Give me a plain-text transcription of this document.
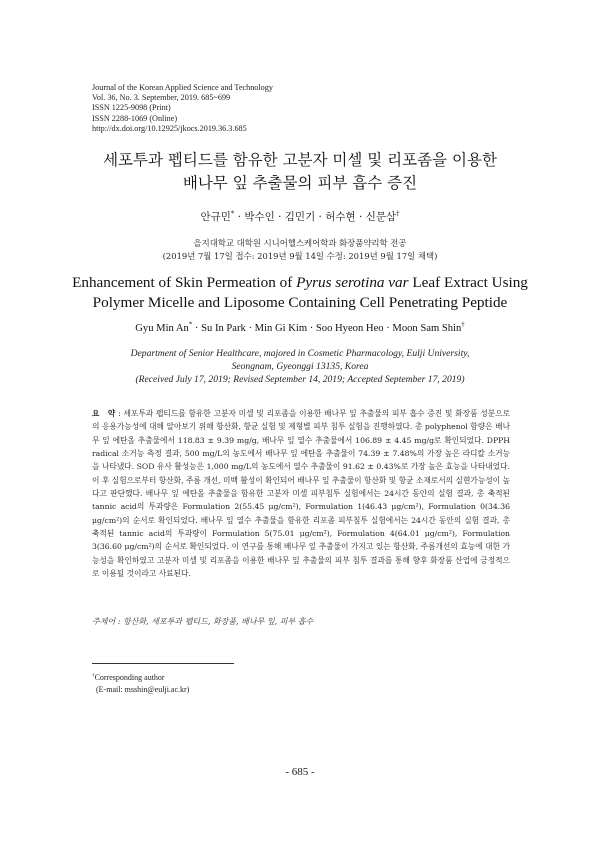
Journal of the Korean Applied Science and Technology
Vol. 36, No. 3. September, 2019. 685~699
ISSN 1225-9098 (Print)
ISSN 2288-1069 (Online)
http://dx.doi.org/10.12925/jkocs.2019.36.3.685
세포투과 펩티드를 함유한 고분자 미셀 및 리포좀을 이용한
배나무 잎 추출물의 피부 흡수 증진
안규민* · 박수인 · 김민기 · 허수현 · 신문삼†
을지대학교 대학원 시니어헬스케어학과 화장품약리학 전공
(2019년 7월 17일 접수: 2019년 9월 14일 수정: 2019년 9월 17일 채택)
Enhancement of Skin Permeation of Pyrus serotina var Leaf Extract Using
Polymer Micelle and Liposome Containing Cell Penetrating Peptide
Gyu Min An* · Su In Park · Min Gi Kim · Soo Hyeon Heo · Moon Sam Shin†
Department of Senior Healthcare, majored in Cosmetic Pharmacology, Eulji University,
Seongnam, Gyeonggi 13135, Korea
(Received July 17, 2019; Revised September 14, 2019; Accepted September 17, 2019)
요　약 : 세포투과 펩티드를 함유한 고분자 미셀 및 리포좀을 이용한 배나무 잎 추출물의 피부 흡수 증진 및 화장품 성분으로의 응용가능성에 대해 알아보기 위해 항산화, 항균 실험 및 제형별 피부 침투 실험을 진행하였다. 총 polyphenol 함량은 배나무 잎 에탄올 추출물에서 118.83 ± 9.39 mg/g, 배나무 잎 열수 추출물에서 106.89 ± 4.45 mg/g로 확인되었다. DPPH radical 소거능 측정 결과, 500 mg/L의 농도에서 배나무 잎 에탄올 추출물이 74.39 ± 7.48%의 가장 높은 라디칼 소거능을 나타냈다. SOD 유사 활성능은 1,000 mg/L의 농도에서 열수 추출물이 91.62 ± 0.43%로 가장 높은 효능을 나타내었다. 이 후 실험으로부터 항산화, 주름 개선, 미백 활성이 확인되어 배나무 잎 추출물이 항산화 및 항균 소재로서의 실현가능성이 높다고 판단했다. 배나무 잎 에탄올 추출물을 함유한 고분자 미셀 피부침투 실험에서는 24시간 동안의 실험 결과, 총 축적된 tannic acid의 투과량은 Formulation 2(55.45 μg/cm²), Formulation 1(46.43 μg/cm²), Formulation 0(34.36 μg/cm²)의 순서로 확인되었다. 배나무 잎 열수 추출물을 함유한 리포좀 피부침투 실험에서는 24시간 동안의 실험 결과, 총 축적된 tannic acid의 투과량이 Formulation 5(75.01 μg/cm²), Formulation 4(64.01 μg/cm²), Formulation 3(36.60 μg/cm²)의 순서로 확인되었다. 이 연구를 통해 배나무 잎 추출물이 가지고 있는 항산화, 주름개선의 효능에 대한 가능성을 확인하였고 고분자 미셀 및 리포좀을 이용한 배나무 잎 추출물의 피부 침투 결과를 통해 향후 화장품 산업에 긍정적으로 이용될 것이라고 사료된다.
주제어 : 항산화, 세포투과 펩티드, 화장품, 배나무 잎, 피부 흡수
†Corresponding author
(E-mail: msshin@eulji.ac.kr)
- 685 -
